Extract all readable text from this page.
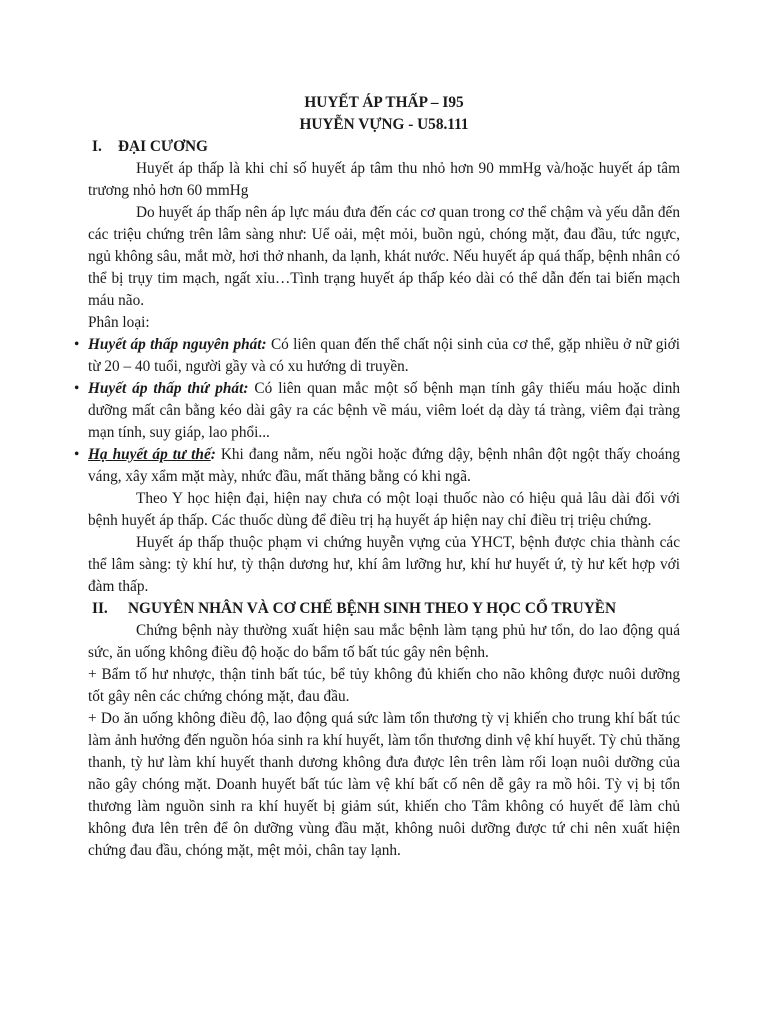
HUYẾT ÁP THẤP – I95

HUYỄN VỰNG - U58.111

I. ĐẠI CƯƠNG

Huyết áp thấp là khi chỉ số huyết áp tâm thu nhỏ hơn 90 mmHg và/hoặc huyết áp tâm trương nhỏ hơn 60 mmHg

Do huyết áp thấp nên áp lực máu đưa đến các cơ quan trong cơ thể chậm và yếu dẫn đến các triệu chứng trên lâm sàng như: Uể oải, mệt mỏi, buồn ngủ, chóng mặt, đau đầu, tức ngực, ngủ không sâu, mắt mờ, hơi thở nhanh, da lạnh, khát nước. Nếu huyết áp quá thấp, bệnh nhân có thể bị trụy tim mạch, ngất xỉu…Tình trạng huyết áp thấp kéo dài có thể dẫn đến tai biến mạch máu não.

Phân loại:

• Huyết áp thấp nguyên phát: Có liên quan đến thể chất nội sinh của cơ thể, gặp nhiều ở nữ giới từ 20 – 40 tuổi, người gầy và có xu hướng di truyền.
• Huyết áp thấp thứ phát: Có liên quan mắc một số bệnh mạn tính gây thiếu máu hoặc dinh dưỡng mất cân bằng kéo dài gây ra các bệnh về máu, viêm loét dạ dày tá tràng, viêm đại tràng mạn tính, suy giáp, lao phổi...
• Hạ huyết áp tư thế: Khi đang nằm, nếu ngồi hoặc đứng dậy, bệnh nhân đột ngột thấy choáng váng, xây xẩm mặt mày, nhức đầu, mất thăng bằng có khi ngã.

Theo Y học hiện đại, hiện nay chưa có một loại thuốc nào có hiệu quả lâu dài đối với bệnh huyết áp thấp. Các thuốc dùng để điều trị hạ huyết áp hiện nay chỉ điều trị triệu chứng.

Huyết áp thấp thuộc phạm vi chứng huyễn vựng của YHCT, bệnh được chia thành các thể lâm sàng: tỳ khí hư, tỳ thận dương hư, khí âm lưỡng hư, khí hư huyết ứ, tỳ hư kết hợp với đàm thấp.

II. NGUYÊN NHÂN VÀ CƠ CHẾ BỆNH SINH THEO Y HỌC CỔ TRUYỀN

Chứng bệnh này thường xuất hiện sau mắc bệnh làm tạng phủ hư tổn, do lao động quá sức, ăn uống không điều độ hoặc do bẩm tố bất túc gây nên bệnh.

+ Bẩm tố hư nhược, thận tinh bất túc, bể tủy không đủ khiến cho não không được nuôi dưỡng tốt gây nên các chứng chóng mặt, đau đầu.

+ Do ăn uống không điều độ, lao động quá sức làm tổn thương tỳ vị khiến cho trung khí bất túc làm ảnh hưởng đến nguồn hóa sinh ra khí huyết, làm tổn thương dinh vệ khí huyết. Tỳ chủ thăng thanh, tỳ hư làm khí huyết thanh dương không đưa được lên trên làm rối loạn nuôi dưỡng của não gây chóng mặt. Doanh huyết bất túc làm vệ khí bất cố nên dễ gây ra mồ hôi. Tỳ vị bị tổn thương làm nguồn sinh ra khí huyết bị giảm sút, khiến cho Tâm không có huyết để làm chủ không đưa lên trên để ôn dưỡng vùng đầu mặt, không nuôi dưỡng được tứ chi nên xuất hiện chứng đau đầu, chóng mặt, mệt mỏi, chân tay lạnh.
